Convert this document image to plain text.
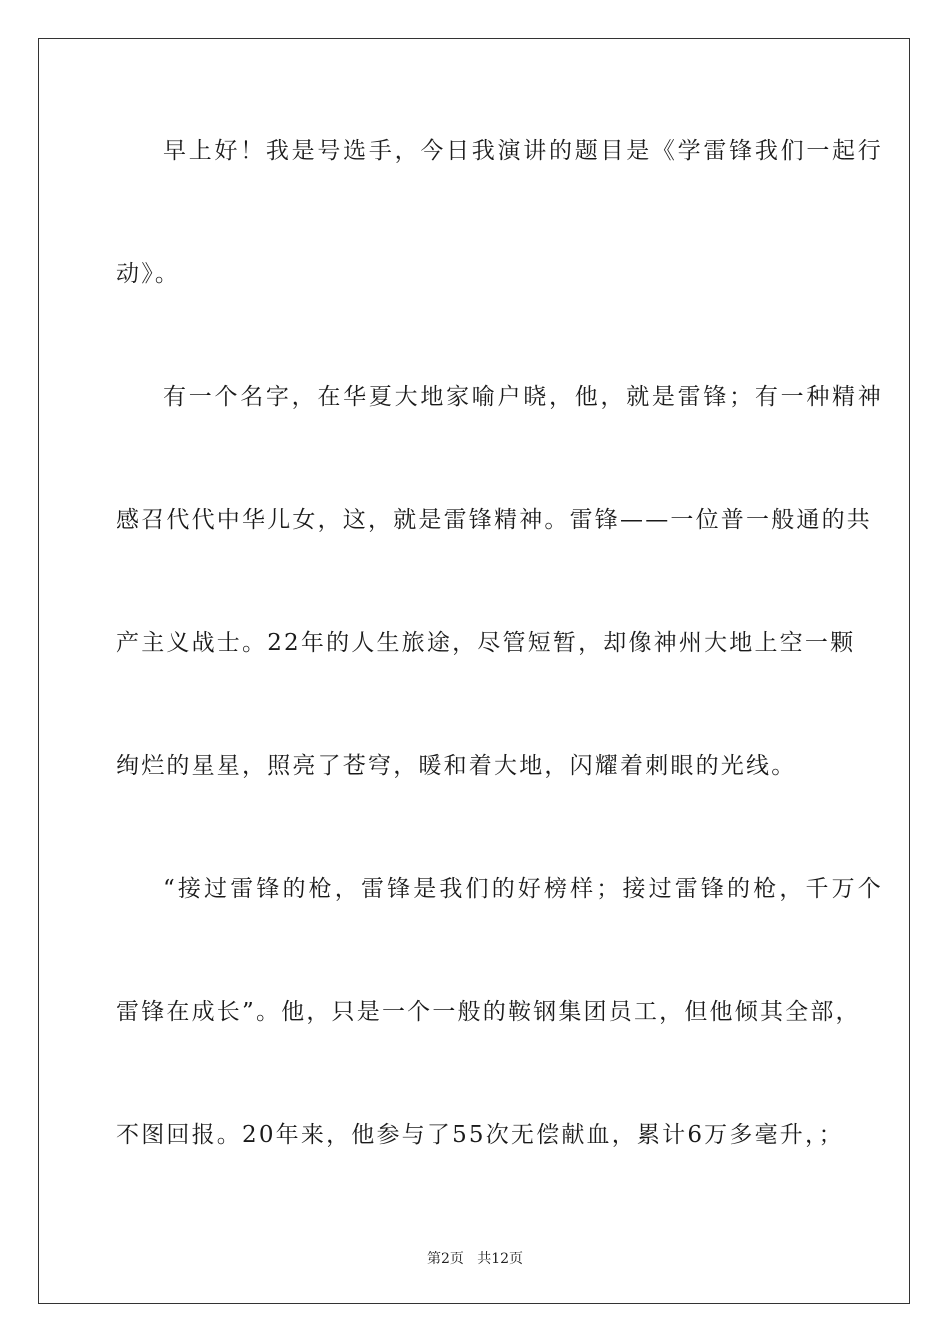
早上好！我是号选手，今日我演讲的题目是《学雷锋我们一起行
动》。
有一个名字，在华夏大地家喻户晓，他，就是雷锋；有一种精神
感召代代中华儿女，这，就是雷锋精神。雷锋——一位普一般通的共
产主义战士。22年的人生旅途，尽管短暂，却像神州大地上空一颗
绚烂的星星，照亮了苍穹，暖和着大地，闪耀着刺眼的光线。
“接过雷锋的枪，雷锋是我们的好榜样；接过雷锋的枪，千万个
雷锋在成长”。他，只是一个一般的鞍钢集团员工，但他倾其全部，
不图回报。20年来，他参与了55次无偿献血，累计6万多毫升，；
第2页   共12页
